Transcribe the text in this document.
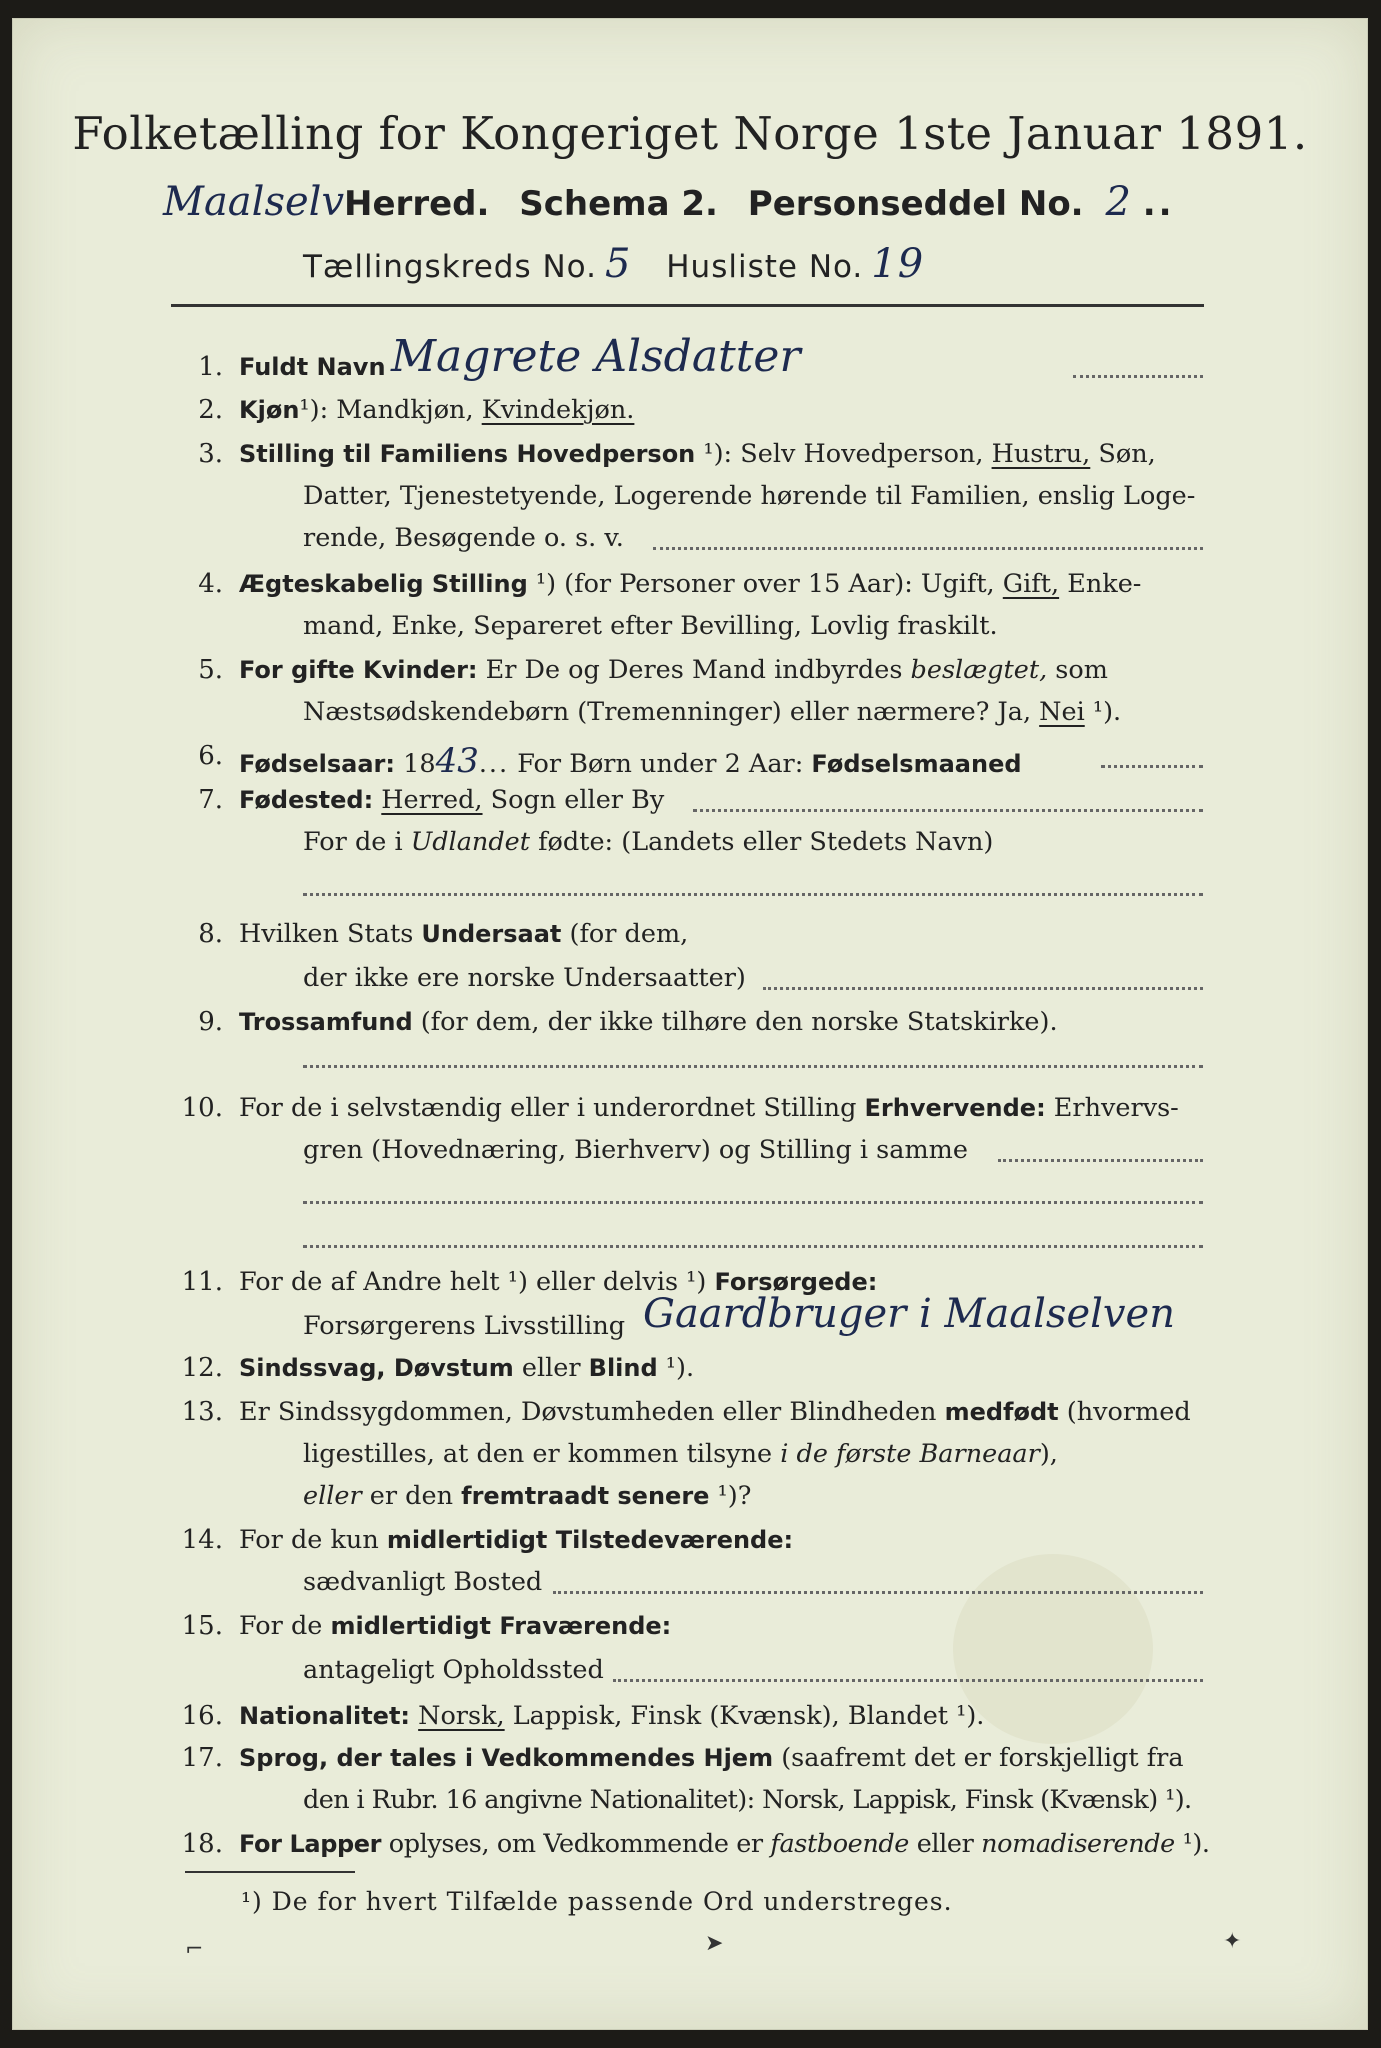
Folketælling for Kongeriget Norge 1ste Januar 1891.
MaalselvHerred. Schema 2. Personseddel No. 2 ..
Tællingskreds No. 5 Husliste No. 19
1. Fuldt Navn Magrete Alsdatter
2. Kjøn¹): Mandkjøn, Kvindekjøn.
3. Stilling til Familiens Hovedperson ¹): Selv Hovedperson, Hustru, Søn,
Datter, Tjenestetyende, Logerende hørende til Familien, enslig Loge-
rende, Besøgende o. s. v.
4. Ægteskabelig Stilling ¹) (for Personer over 15 Aar): Ugift, Gift, Enke-
mand, Enke, Separeret efter Bevilling, Lovlig fraskilt.
5. For gifte Kvinder: Er De og Deres Mand indbyrdes beslægtet, som
Næstsødskendebørn (Tremenninger) eller nærmere? Ja, Nei ¹).
6. Fødselsaar: 1843... For Børn under 2 Aar: Fødselsmaaned
7. Fødested: Herred, Sogn eller By
For de i Udlandet fødte: (Landets eller Stedets Navn)
8. Hvilken Stats Undersaat (for dem,
der ikke ere norske Undersaatter)
9. Trossamfund (for dem, der ikke tilhøre den norske Statskirke).
10. For de i selvstændig eller i underordnet Stilling Erhvervende: Erhvervs-
gren (Hovednæring, Bierhverv) og Stilling i samme
11. For de af Andre helt ¹) eller delvis ¹) Forsørgede:
Forsørgerens Livsstilling Gaardbruger i Maalselven
12. Sindssvag, Døvstum eller Blind ¹).
13. Er Sindssygdommen, Døvstumheden eller Blindheden medfødt (hvormed
ligestilles, at den er kommen tilsyne i de første Barneaar),
eller er den fremtraadt senere ¹)?
14. For de kun midlertidigt Tilstedeværende:
sædvanligt Bosted
15. For de midlertidigt Fraværende:
antageligt Opholdssted
16. Nationalitet: Norsk, Lappisk, Finsk (Kvænsk), Blandet ¹).
17. Sprog, der tales i Vedkommendes Hjem (saafremt det er forskjelligt fra
den i Rubr. 16 angivne Nationalitet): Norsk, Lappisk, Finsk (Kvænsk) ¹).
18. For Lapper oplyses, om Vedkommende er fastboende eller nomadiserende ¹).
¹) De for hvert Tilfælde passende Ord understreges.
⌐	➤	✦
